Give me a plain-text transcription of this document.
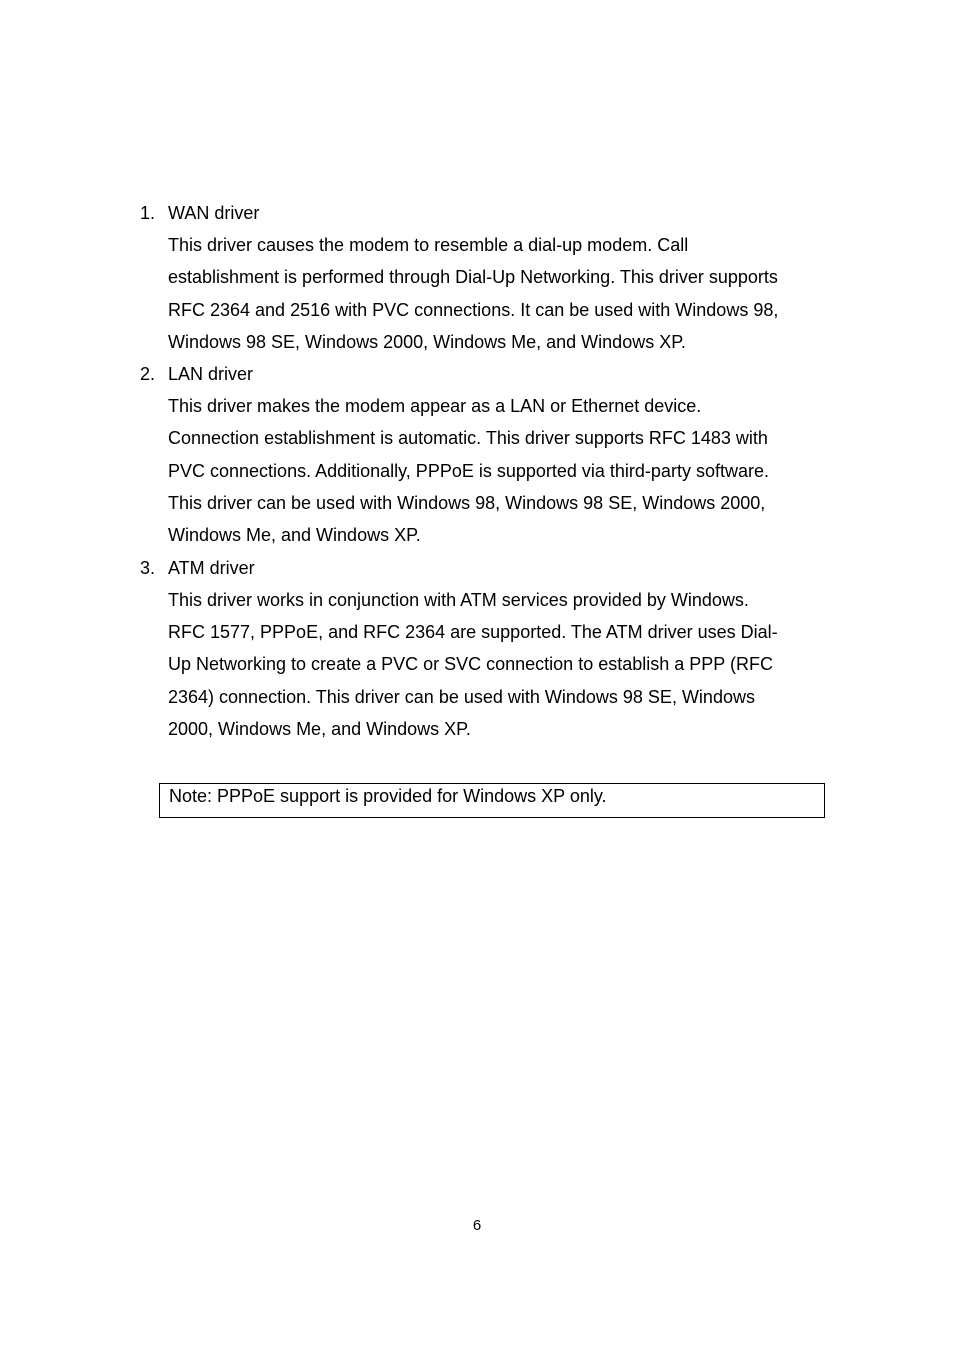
1. WAN driver
This driver causes the modem to resemble a dial-up modem. Call
establishment is performed through Dial-Up Networking. This driver supports
RFC 2364 and 2516 with PVC connections. It can be used with Windows 98,
Windows 98 SE, Windows 2000, Windows Me, and Windows XP.
2. LAN driver
This driver makes the modem appear as a LAN or Ethernet device.
Connection establishment is automatic. This driver supports RFC 1483 with
PVC connections. Additionally, PPPoE is supported via third-party software.
This driver can be used with Windows 98, Windows 98 SE, Windows 2000,
Windows Me, and Windows XP.
3. ATM driver
This driver works in conjunction with ATM services provided by Windows.
RFC 1577, PPPoE, and RFC 2364 are supported. The ATM driver uses Dial-
Up Networking to create a PVC or SVC connection to establish a PPP (RFC
2364) connection. This driver can be used with Windows 98 SE, Windows
2000, Windows Me, and Windows XP.
Note: PPPoE support is provided for Windows XP only.
6
